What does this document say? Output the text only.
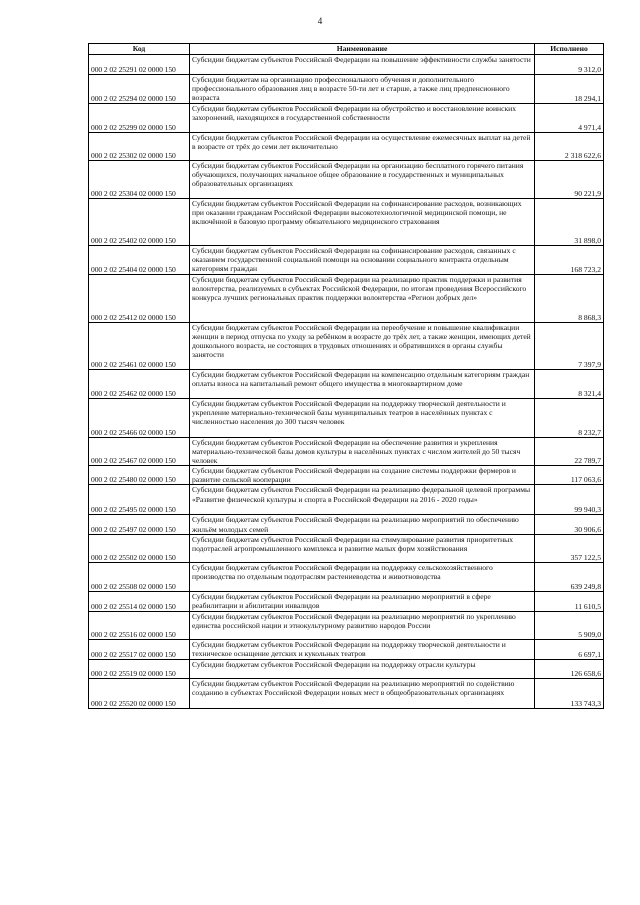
4
Код	Наименование	Исполнено
000 2 02 25291 02 0000 150	Субсидии бюджетам субъектов Российской Федерации на повышение эффективности службы занятости	9 312,0
000 2 02 25294 02 0000 150	Субсидии бюджетам на организацию профессионального обучения и дополнительного профессионального образования лиц в возрасте 50-ти лет и старше, а также лиц предпенсионного возраста	18 294,1
000 2 02 25299 02 0000 150	Субсидии бюджетам субъектов Российской Федерации на обустройство и восстановление воинских захоронений, находящихся в государственной собственности	4 971,4
000 2 02 25302 02 0000 150	Субсидии бюджетам субъектов Российской Федерации на осуществление ежемесячных выплат на детей в возрасте от трёх до семи лет включительно	2 318 622,6
000 2 02 25304 02 0000 150	Субсидии бюджетам субъектов Российской Федерации на организацию бесплатного горячего питания обучающихся, получающих начальное общее образование в государственных и муниципальных образовательных организациях	90 221,9
000 2 02 25402 02 0000 150	Субсидии бюджетам субъектов Российской Федерации на софинансирование расходов, возникающих при оказании гражданам Российской Федерации высокотехнологичной медицинской помощи, не включённой в базовую программу обязательного медицинского страхования	31 898,0
000 2 02 25404 02 0000 150	Субсидии бюджетам субъектов Российской Федерации на софинансирование расходов, связанных с оказанием государственной социальной помощи на основании социального контракта отдельным категориям граждан	168 723,2
000 2 02 25412 02 0000 150	Субсидии бюджетам субъектов Российской Федерации на реализацию практик поддержки и развития волонтерства, реализуемых в субъектах Российской Федерации, по итогам проведения Всероссийского конкурса лучших региональных практик поддержки волонтерства «Регион добрых дел»	8 868,3
000 2 02 25461 02 0000 150	Субсидии бюджетам субъектов Российской Федерации на переобучение и повышение квалификации женщин в период отпуска по уходу за ребёнком в возрасте до трёх лет, а также женщин, имеющих детей дошкольного возраста, не состоящих в трудовых отношениях и обратившихся в органы службы занятости	7 397,9
000 2 02 25462 02 0000 150	Субсидии бюджетам субъектов Российской Федерации на компенсацию отдельным категориям граждан оплаты взноса на капитальный ремонт общего имущества в многоквартирном доме	8 321,4
000 2 02 25466 02 0000 150	Субсидии бюджетам субъектов Российской Федерации на поддержку творческой деятельности и укрепление материально-технической базы муниципальных театров в населённых пунктах с численностью населения до 300 тысяч человек	8 232,7
000 2 02 25467 02 0000 150	Субсидии бюджетам субъектов Российской Федерации на обеспечение развития и укрепления материально-технической базы домов культуры в населённых пунктах с числом жителей до 50 тысяч человек	22 789,7
000 2 02 25480 02 0000 150	Субсидии бюджетам субъектов Российской Федерации на создание системы поддержки фермеров и развитие сельской кооперации	117 063,6
000 2 02 25495 02 0000 150	Субсидии бюджетам субъектов Российской Федерации на реализацию федеральной целевой программы «Развитие физической культуры и спорта в Российской Федерации на 2016 - 2020 годы»	99 940,3
000 2 02 25497 02 0000 150	Субсидии бюджетам субъектов Российской Федерации на реализацию мероприятий по обеспечению жильём молодых семей	30 906,6
000 2 02 25502 02 0000 150	Субсидии бюджетам субъектов Российской Федерации на стимулирование развития приоритетных подотраслей агропромышленного комплекса и развитие малых форм хозяйствования	357 122,5
000 2 02 25508 02 0000 150	Субсидии бюджетам субъектов Российской Федерации на поддержку сельскохозяйственного производства по отдельным подотраслям растениеводства и животноводства	639 249,8
000 2 02 25514 02 0000 150	Субсидии бюджетам субъектов Российской Федерации на реализацию мероприятий в сфере реабилитации и абилитации инвалидов	11 610,5
000 2 02 25516 02 0000 150	Субсидии бюджетам субъектов Российской Федерации на реализацию мероприятий по укреплению единства российской нации и этнокультурному развитию народов России	5 909,0
000 2 02 25517 02 0000 150	Субсидии бюджетам субъектов Российской Федерации на поддержку творческой деятельности и техническое оснащение детских и кукольных театров	6 697,1
000 2 02 25519 02 0000 150	Субсидии бюджетам субъектов Российской Федерации на поддержку отрасли культуры	126 658,6
000 2 02 25520 02 0000 150	Субсидии бюджетам субъектов Российской Федерации на реализацию мероприятий по содействию созданию в субъектах Российской Федерации новых мест в общеобразовательных организациях	133 743,3
